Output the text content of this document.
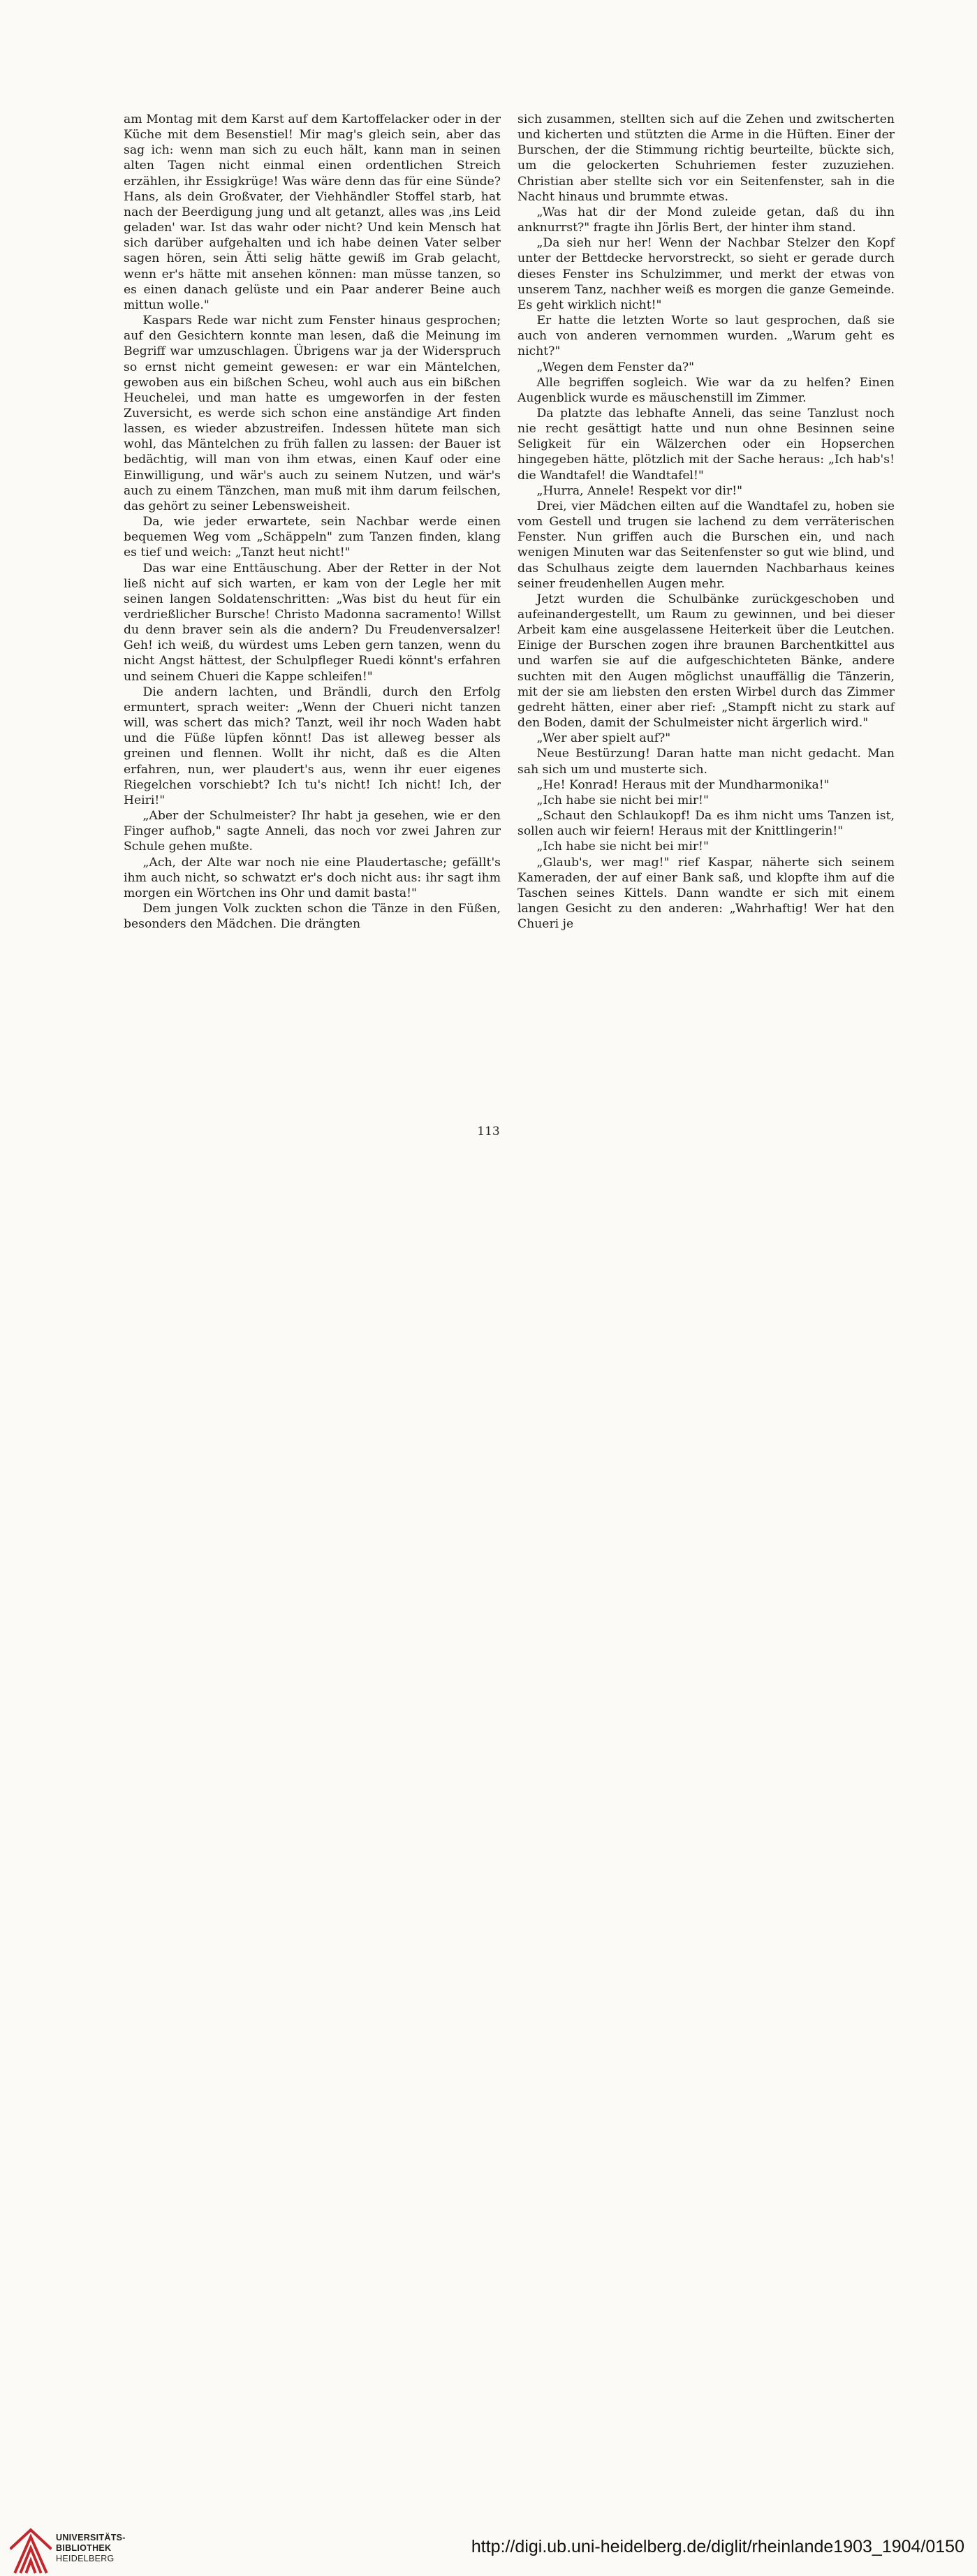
am Montag mit dem Karst auf dem Kartoffelacker oder in der Küche mit dem Besenstiel! Mir mag's gleich sein, aber das sag ich: wenn man sich zu euch hält, kann man in seinen alten Tagen nicht einmal einen ordentlichen Streich erzählen, ihr Essigkrüge! Was wäre denn das für eine Sünde? Hans, als dein Großvater, der Viehhändler Stoffel starb, hat nach der Beerdigung jung und alt getanzt, alles was ‚ins Leid geladen' war. Ist das wahr oder nicht? Und kein Mensch hat sich darüber aufgehalten und ich habe deinen Vater selber sagen hören, sein Ätti selig hätte gewiß im Grab gelacht, wenn er's hätte mit ansehen können: man müsse tanzen, so es einen danach gelüste und ein Paar anderer Beine auch mittun wolle."

Kaspars Rede war nicht zum Fenster hinaus gesprochen; auf den Gesichtern konnte man lesen, daß die Meinung im Begriff war umzuschlagen. Übrigens war ja der Widerspruch so ernst nicht gemeint gewesen: er war ein Mäntelchen, gewoben aus ein bißchen Scheu, wohl auch aus ein bißchen Heuchelei, und man hatte es umgeworfen in der festen Zuversicht, es werde sich schon eine anständige Art finden lassen, es wieder abzustreifen. Indessen hütete man sich wohl, das Mäntelchen zu früh fallen zu lassen: der Bauer ist bedächtig, will man von ihm etwas, einen Kauf oder eine Einwilligung, und wär's auch zu seinem Nutzen, und wär's auch zu einem Tänzchen, man muß mit ihm darum feilschen, das gehört zu seiner Lebensweisheit.

Da, wie jeder erwartete, sein Nachbar werde einen bequemen Weg vom „Schäppeln" zum Tanzen finden, klang es tief und weich: „Tanzt heut nicht!"

Das war eine Enttäuschung. Aber der Retter in der Not ließ nicht auf sich warten, er kam von der Legle her mit seinen langen Soldatenschritten: „Was bist du heut für ein verdrießlicher Bursche! Christo Madonna sacramento! Willst du denn braver sein als die andern? Du Freudenversalzer! Geh! ich weiß, du würdest ums Leben gern tanzen, wenn du nicht Angst hättest, der Schulpfleger Ruedi könnt's erfahren und seinem Chueri die Kappe schleifen!"

Die andern lachten, und Brändli, durch den Erfolg ermuntert, sprach weiter: „Wenn der Chueri nicht tanzen will, was schert das mich? Tanzt, weil ihr noch Waden habt und die Füße lüpfen könnt! Das ist alleweg besser als greinen und flennen. Wollt ihr nicht, daß es die Alten erfahren, nun, wer plaudert's aus, wenn ihr euer eigenes Riegelchen vorschiebt? Ich tu's nicht! Ich nicht! Ich, der Heiri!"

„Aber der Schulmeister? Ihr habt ja gesehen, wie er den Finger aufhob," sagte Anneli, das noch vor zwei Jahren zur Schule gehen mußte.

„Ach, der Alte war noch nie eine Plaudertasche; gefällt's ihm auch nicht, so schwatzt er's doch nicht aus: ihr sagt ihm morgen ein Wörtchen ins Ohr und damit basta!"

Dem jungen Volk zuckten schon die Tänze in den Füßen, besonders den Mädchen. Die drängten

sich zusammen, stellten sich auf die Zehen und zwitscherten und kicherten und stützten die Arme in die Hüften. Einer der Burschen, der die Stimmung richtig beurteilte, bückte sich, um die gelockerten Schuhriemen fester zuzuziehen. Christian aber stellte sich vor ein Seitenfenster, sah in die Nacht hinaus und brummte etwas.

„Was hat dir der Mond zuleide getan, daß du ihn anknurrst?" fragte ihn Jörlis Bert, der hinter ihm stand.

„Da sieh nur her! Wenn der Nachbar Stelzer den Kopf unter der Bettdecke hervorstreckt, so sieht er gerade durch dieses Fenster ins Schulzimmer, und merkt der etwas von unserem Tanz, nachher weiß es morgen die ganze Gemeinde. Es geht wirklich nicht!"

Er hatte die letzten Worte so laut gesprochen, daß sie auch von anderen vernommen wurden. „Warum geht es nicht?"

„Wegen dem Fenster da?"

Alle begriffen sogleich. Wie war da zu helfen? Einen Augenblick wurde es mäuschenstill im Zimmer.

Da platzte das lebhafte Anneli, das seine Tanzlust noch nie recht gesättigt hatte und nun ohne Besinnen seine Seligkeit für ein Wälzerchen oder ein Hopserchen hingegeben hätte, plötzlich mit der Sache heraus: „Ich hab's! die Wandtafel! die Wandtafel!"

„Hurra, Annele! Respekt vor dir!"

Drei, vier Mädchen eilten auf die Wandtafel zu, hoben sie vom Gestell und trugen sie lachend zu dem verräterischen Fenster. Nun griffen auch die Burschen ein, und nach wenigen Minuten war das Seitenfenster so gut wie blind, und das Schulhaus zeigte dem lauernden Nachbarhaus keines seiner freudenhellen Augen mehr.

Jetzt wurden die Schulbänke zurückgeschoben und aufeinandergestellt, um Raum zu gewinnen, und bei dieser Arbeit kam eine ausgelassene Heiterkeit über die Leutchen. Einige der Burschen zogen ihre braunen Barchentkittel aus und warfen sie auf die aufgeschichteten Bänke, andere suchten mit den Augen möglichst unauffällig die Tänzerin, mit der sie am liebsten den ersten Wirbel durch das Zimmer gedreht hätten, einer aber rief: „Stampft nicht zu stark auf den Boden, damit der Schulmeister nicht ärgerlich wird."

„Wer aber spielt auf?"

Neue Bestürzung! Daran hatte man nicht gedacht. Man sah sich um und musterte sich.

„He! Konrad! Heraus mit der Mundharmonika!"

„Ich habe sie nicht bei mir!"

„Schaut den Schlaukopf! Da es ihm nicht ums Tanzen ist, sollen auch wir feiern! Heraus mit der Knittlingerin!"

„Ich habe sie nicht bei mir!"

„Glaub's, wer mag!" rief Kaspar, näherte sich seinem Kameraden, der auf einer Bank saß, und klopfte ihm auf die Taschen seines Kittels. Dann wandte er sich mit einem langen Gesicht zu den anderen: „Wahrhaftig! Wer hat den Chueri je

113
UNIVERSITÄTS-
BIBLIOTHEK
HEIDELBERG
http://digi.ub.uni-heidelberg.de/diglit/rheinlande1903_1904/0150
